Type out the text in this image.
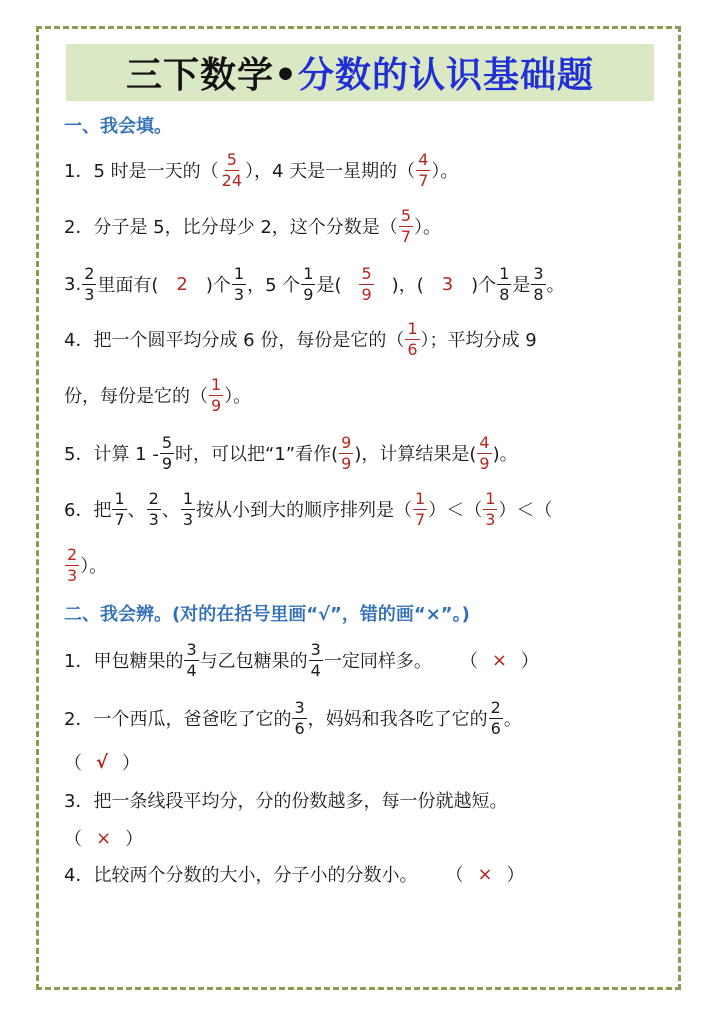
三下数学• 分数的认识基础题
一、我会填。
1．5 时是一天的（ $\frac{5}{24}$ ），4 天是一星期的（ $\frac{4}{7}$ ）。
2．分子是 5，比分母少 2，这个分数是（ $\frac{5}{7}$ ）。
3. $\frac{2}{3}$ 里面有( 2 )个 $\frac{1}{3}$ ，5 个 $\frac{1}{9}$ 是( $\frac{5}{9}$ )，( 3 )个 $\frac{1}{8}$ 是 $\frac{3}{8}$ 。
4．把一个圆平均分成 6 份，每份是它的（ $\frac{1}{6}$ ）；平均分成 9
份，每份是它的（ $\frac{1}{9}$ ）。
5．计算 $1 - \frac{5}{9}$ 时，可以把“1”看作( $\frac{9}{9}$ )，计算结果是( $\frac{4}{9}$ )。
6．把 $\frac{1}{7}$ 、 $\frac{2}{3}$ 、 $\frac{1}{3}$ 按从小到大的顺序排列是（ $\frac{1}{7}$ ）＜（ $\frac{1}{3}$ ）＜（
$\frac{2}{3}$ ）。
二、我会辨。(对的在括号里画“√”，错的画“×”。)
1．甲包糖果的 $\frac{3}{4}$ 与乙包糖果的 $\frac{3}{4}$ 一定同样多。 （ × ）
2．一个西瓜，爸爸吃了它的 $\frac{3}{6}$ ，妈妈和我各吃了它的 $\frac{2}{6}$ 。
（ √ ）
3．把一条线段平均分，分的份数越多，每一份就越短。
（ × ）
4．比较两个分数的大小，分子小的分数小。 （ × ）
